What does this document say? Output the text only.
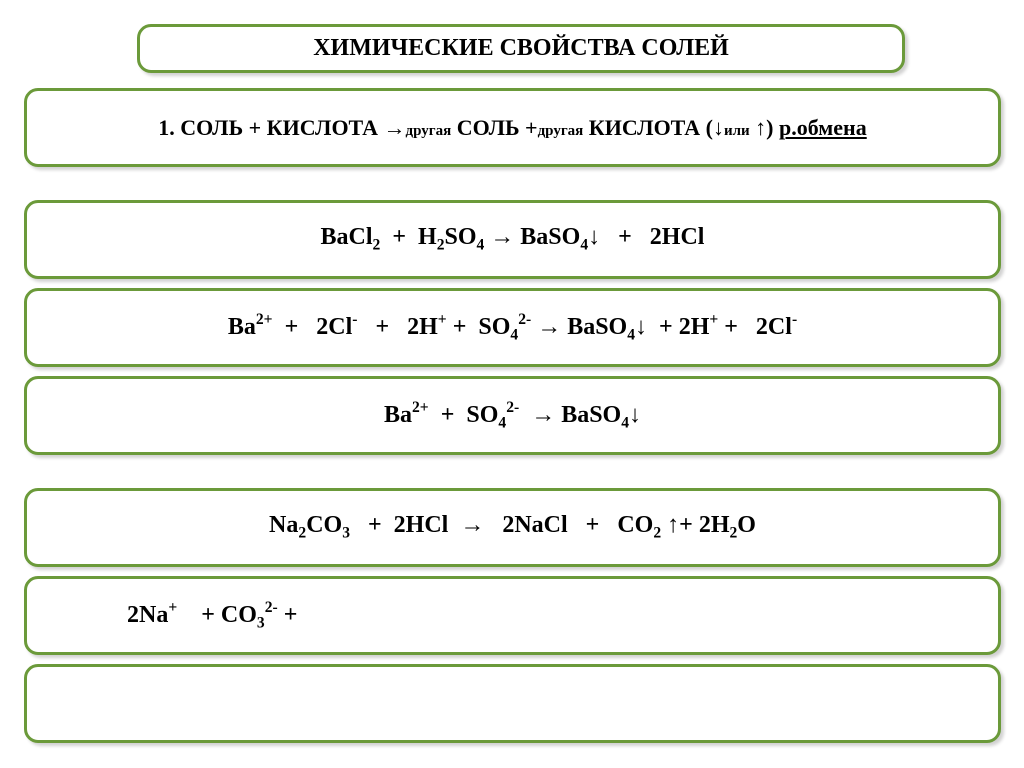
ХИМИЧЕСКИЕ СВОЙСТВА СОЛЕЙ
1. СОЛЬ + КИСЛОТА →другая СОЛЬ +другая КИСЛОТА (↓или ↑) р.обмена
BaCl$_2$  +  $H_2SO_4$ → BaSO$_4$↓   +   2HCl
$Ba^{2+} + 2Cl^- + 2H^+ + SO_4^{2-}$ → BaSO$_4$↓  + 2H+ +   2Cl-
$Ba^{2+} + SO_4^{2-}$  → BaSO$_4$↓
$Na_2CO_3 + 2HCl$  →   2NaCl   +   $CO_2$ ↑+ $2H_2O$
2Na+    + $CO_3^{2-}$ +
